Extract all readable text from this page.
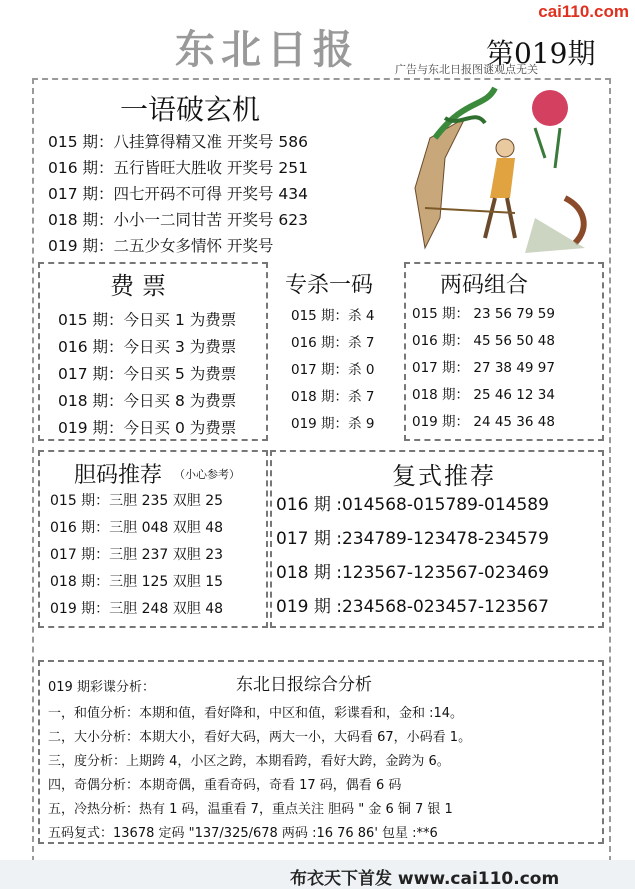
cai110.com
东北日报	第019期
广告与东北日报图谜观点无关
一语破玄机
015 期：八挂算得精又准 开奖号 586
016 期：五行皆旺大胜收 开奖号 251
017 期：四七开码不可得 开奖号 434
018 期：小小一二同甘苦 开奖号 623
019 期：二五少女多情怀 开奖号
费票
015 期：今日买 1 为费票
016 期：今日买 3 为费票
017 期：今日买 5 为费票
018 期：今日买 8 为费票
019 期：今日买 0 为费票
专杀一码
015 期：杀 4
016 期：杀 7
017 期：杀 0
018 期：杀 7
019 期：杀 9
两码组合
015 期： 23 56 79 59
016 期： 45 56 50 48
017 期： 27 38 49 97
018 期： 25 46 12 34
019 期： 24 45 36 48
胆码推荐 （小心参考）
015 期：三胆 235 双胆 25
016 期：三胆 048 双胆 48
017 期：三胆 237 双胆 23
018 期：三胆 125 双胆 15
019 期：三胆 248 双胆 48
复式推荐
016 期 :014568-015789-014589
017 期 :234789-123478-234579
018 期 :123567-123567-023469
019 期 :234568-023457-123567
019 期彩谍分析：	东北日报综合分析
一，和值分析：本期和值，看好降和，中区和值，彩谍看和，金和 :14。
二，大小分析：本期大小，看好大码，两大一小，大码看 67，小码看 1。
三，度分析：上期跨 4，小区之跨，本期看跨，看好大跨，金跨为 6。
四，奇偶分析：本期奇偶，重看奇码，奇看 17 码，偶看 6 码
五，冷热分析：热有 1 码，温重看 7，重点关注 胆码 " 金 6 铜 7 银 1
五码复式：13678 定码 "137/325/678 两码 :16 76 86' 包星 :**6
布衣天下首发 www.cai110.com
